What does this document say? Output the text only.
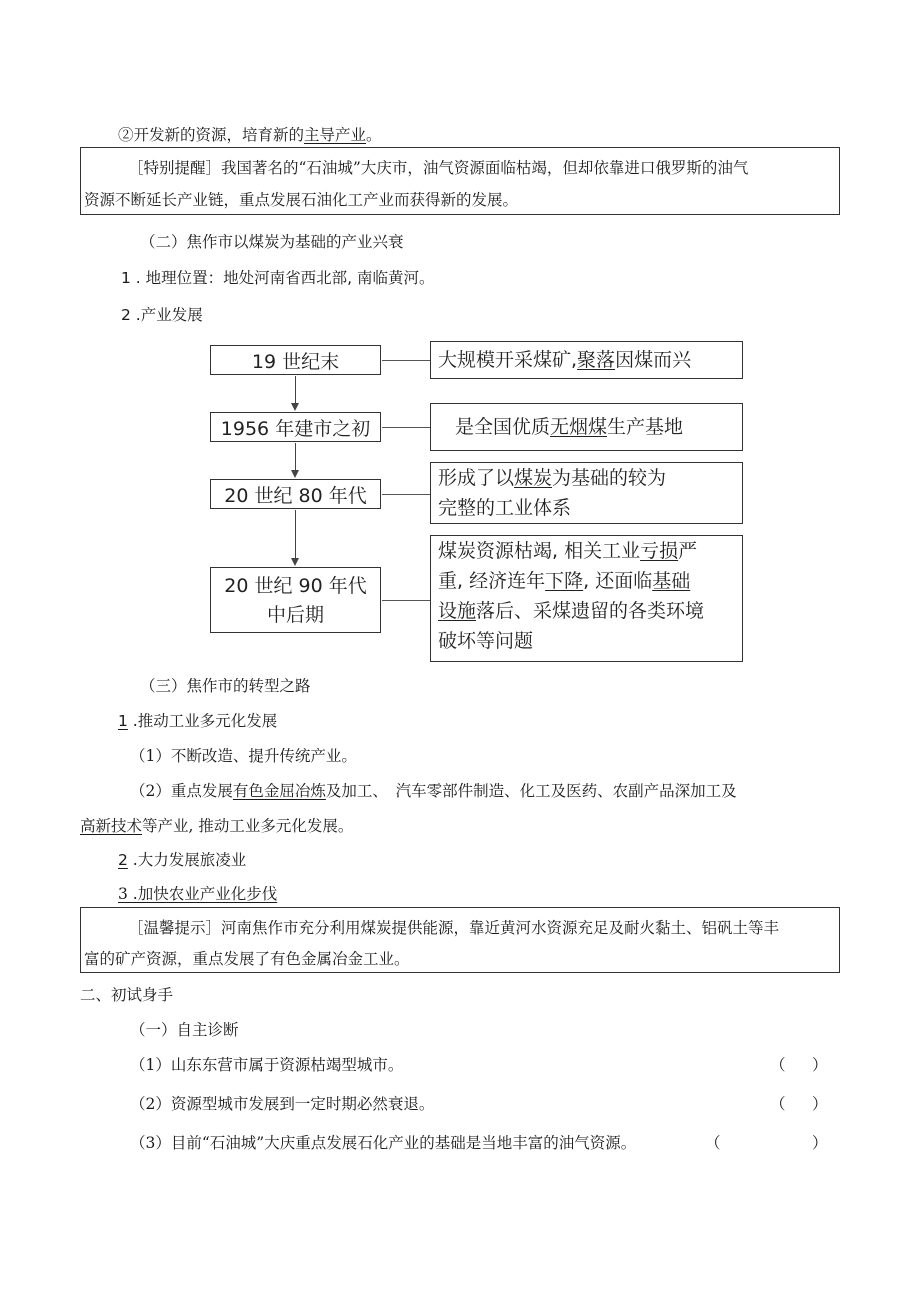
②开发新的资源，培育新的主导产业。
［特别提醒］我国著名的“石油城”大庆市，油气资源面临枯竭，但却依靠进口俄罗斯的油气
资源不断延长产业链，重点发展石油化工产业而获得新的发展。
（二）焦作市以煤炭为基础的产业兴衰
1 . 地理位置：地处河南省西北部, 南临黄河。
2 .产业发展
19 世纪末
1956 年建市之初
20 世纪 80 年代
20 世纪 90 年代
中后期
大规模开采煤矿,聚落因煤而兴
是全国优质无烟煤生产基地
形成了以煤炭为基础的较为
完整的工业体系
煤炭资源枯竭, 相关工业亏损严
重, 经济连年下降, 还面临基础
设施落后、采煤遗留的各类环境
破坏等问题
（三）焦作市的转型之路
1 .推动工业多元化发展
（1）不断改造、提升传统产业。
（2）重点发展有色金屈冶炼及加工、　汽车零部件制造、化工及医药、农副产品深加工及
高新技术等产业, 推动工业多元化发展。
2 .大力发展旅凌业
3 .加快农业产业化步伐
［温馨提示］河南焦作市充分利用煤炭提供能源，靠近黄河水资源充足及耐火黏土、铝矾土等丰
富的矿产资源，重点发展了有色金属冶金工业。
二、初试身手
（一）自主诊断
（1）山东东营市属于资源枯竭型城市。	（ ）
（2）资源型城市发展到一定时期必然衰退。	（ ）
（3）目前“石油城”大庆重点发展石化产业的基础是当地丰富的油气资源。	（	）
